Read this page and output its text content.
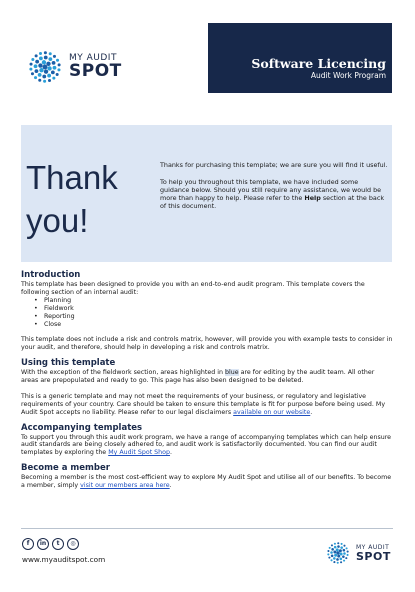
MY AUDIT
SPOT	Software Licencing
Audit Work Program
Thank
you!

Thanks for purchasing this template; we are sure you will find it useful.

To help you throughout this template, we have included some guidance below. Should you still require any assistance, we would be more than happy to help. Please refer to the Help section at the back of this document.

Introduction

This template has been designed to provide you with an end-to-end audit program. This template covers the following section of an internal audit:

• Planning
• Fieldwork
• Reporting
• Close

This template does not include a risk and controls matrix, however, will provide you with example tests to consider in your audit, and therefore, should help in developing a risk and controls matrix.

Using this template

With the exception of the fieldwork section, areas highlighted in blue are for editing by the audit team. All other areas are prepopulated and ready to go. This page has also been designed to be deleted.

This is a generic template and may not meet the requirements of your business, or regulatory and legislative requirements of your country. Care should be taken to ensure this template is fit for purpose before being used. My Audit Spot accepts no liability. Please refer to our legal disclaimers available on our website.

Accompanying templates

To support you through this audit work program, we have a range of accompanying templates which can help ensure audit standards are being closely adhered to, and audit work is satisfactorily documented. You can find our audit templates by exploring the My Audit Spot Shop.

Become a member

Becoming a member is the most cost-efficient way to explore My Audit Spot and utilise all of our benefits. To become a member, simply visit our members area here.

f	in	t	◎
www.myauditspot.com
MY AUDIT
SPOT
